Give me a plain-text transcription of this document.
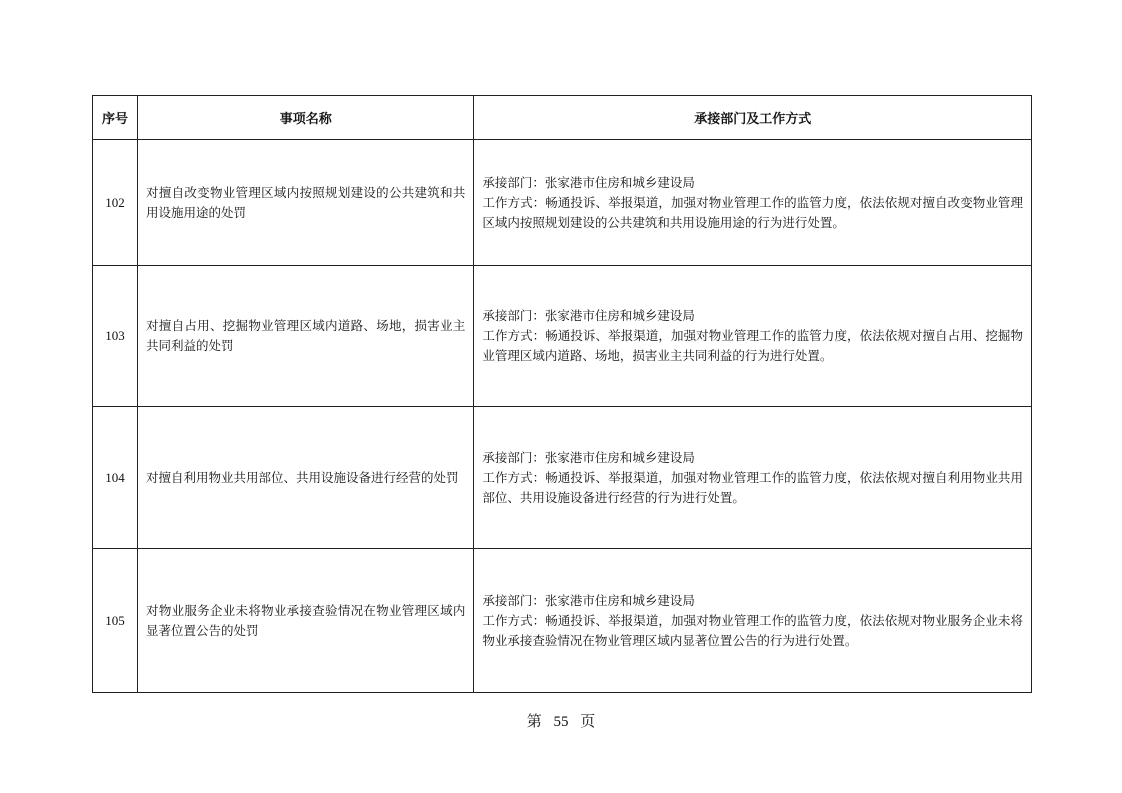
序号	事项名称	承接部门及工作方式
102	对擅自改变物业管理区域内按照规划建设的公共建筑和共用设施用途的处罚	承接部门：张家港市住房和城乡建设局
工作方式：畅通投诉、举报渠道，加强对物业管理工作的监管力度，依法依规对擅自改变物业管理区域内按照规划建设的公共建筑和共用设施用途的行为进行处置。

103	对擅自占用、挖掘物业管理区域内道路、场地，损害业主共同利益的处罚	承接部门：张家港市住房和城乡建设局
工作方式：畅通投诉、举报渠道，加强对物业管理工作的监管力度，依法依规对擅自占用、挖掘物业管理区域内道路、场地，损害业主共同利益的行为进行处置。

104	对擅自利用物业共用部位、共用设施设备进行经营的处罚	承接部门：张家港市住房和城乡建设局
工作方式：畅通投诉、举报渠道，加强对物业管理工作的监管力度，依法依规对擅自利用物业共用部位、共用设施设备进行经营的行为进行处置。

105	对物业服务企业未将物业承接查验情况在物业管理区域内显著位置公告的处罚	承接部门：张家港市住房和城乡建设局
工作方式：畅通投诉、举报渠道，加强对物业管理工作的监管力度，依法依规对物业服务企业未将物业承接查验情况在物业管理区域内显著位置公告的行为进行处置。
第 55 页
